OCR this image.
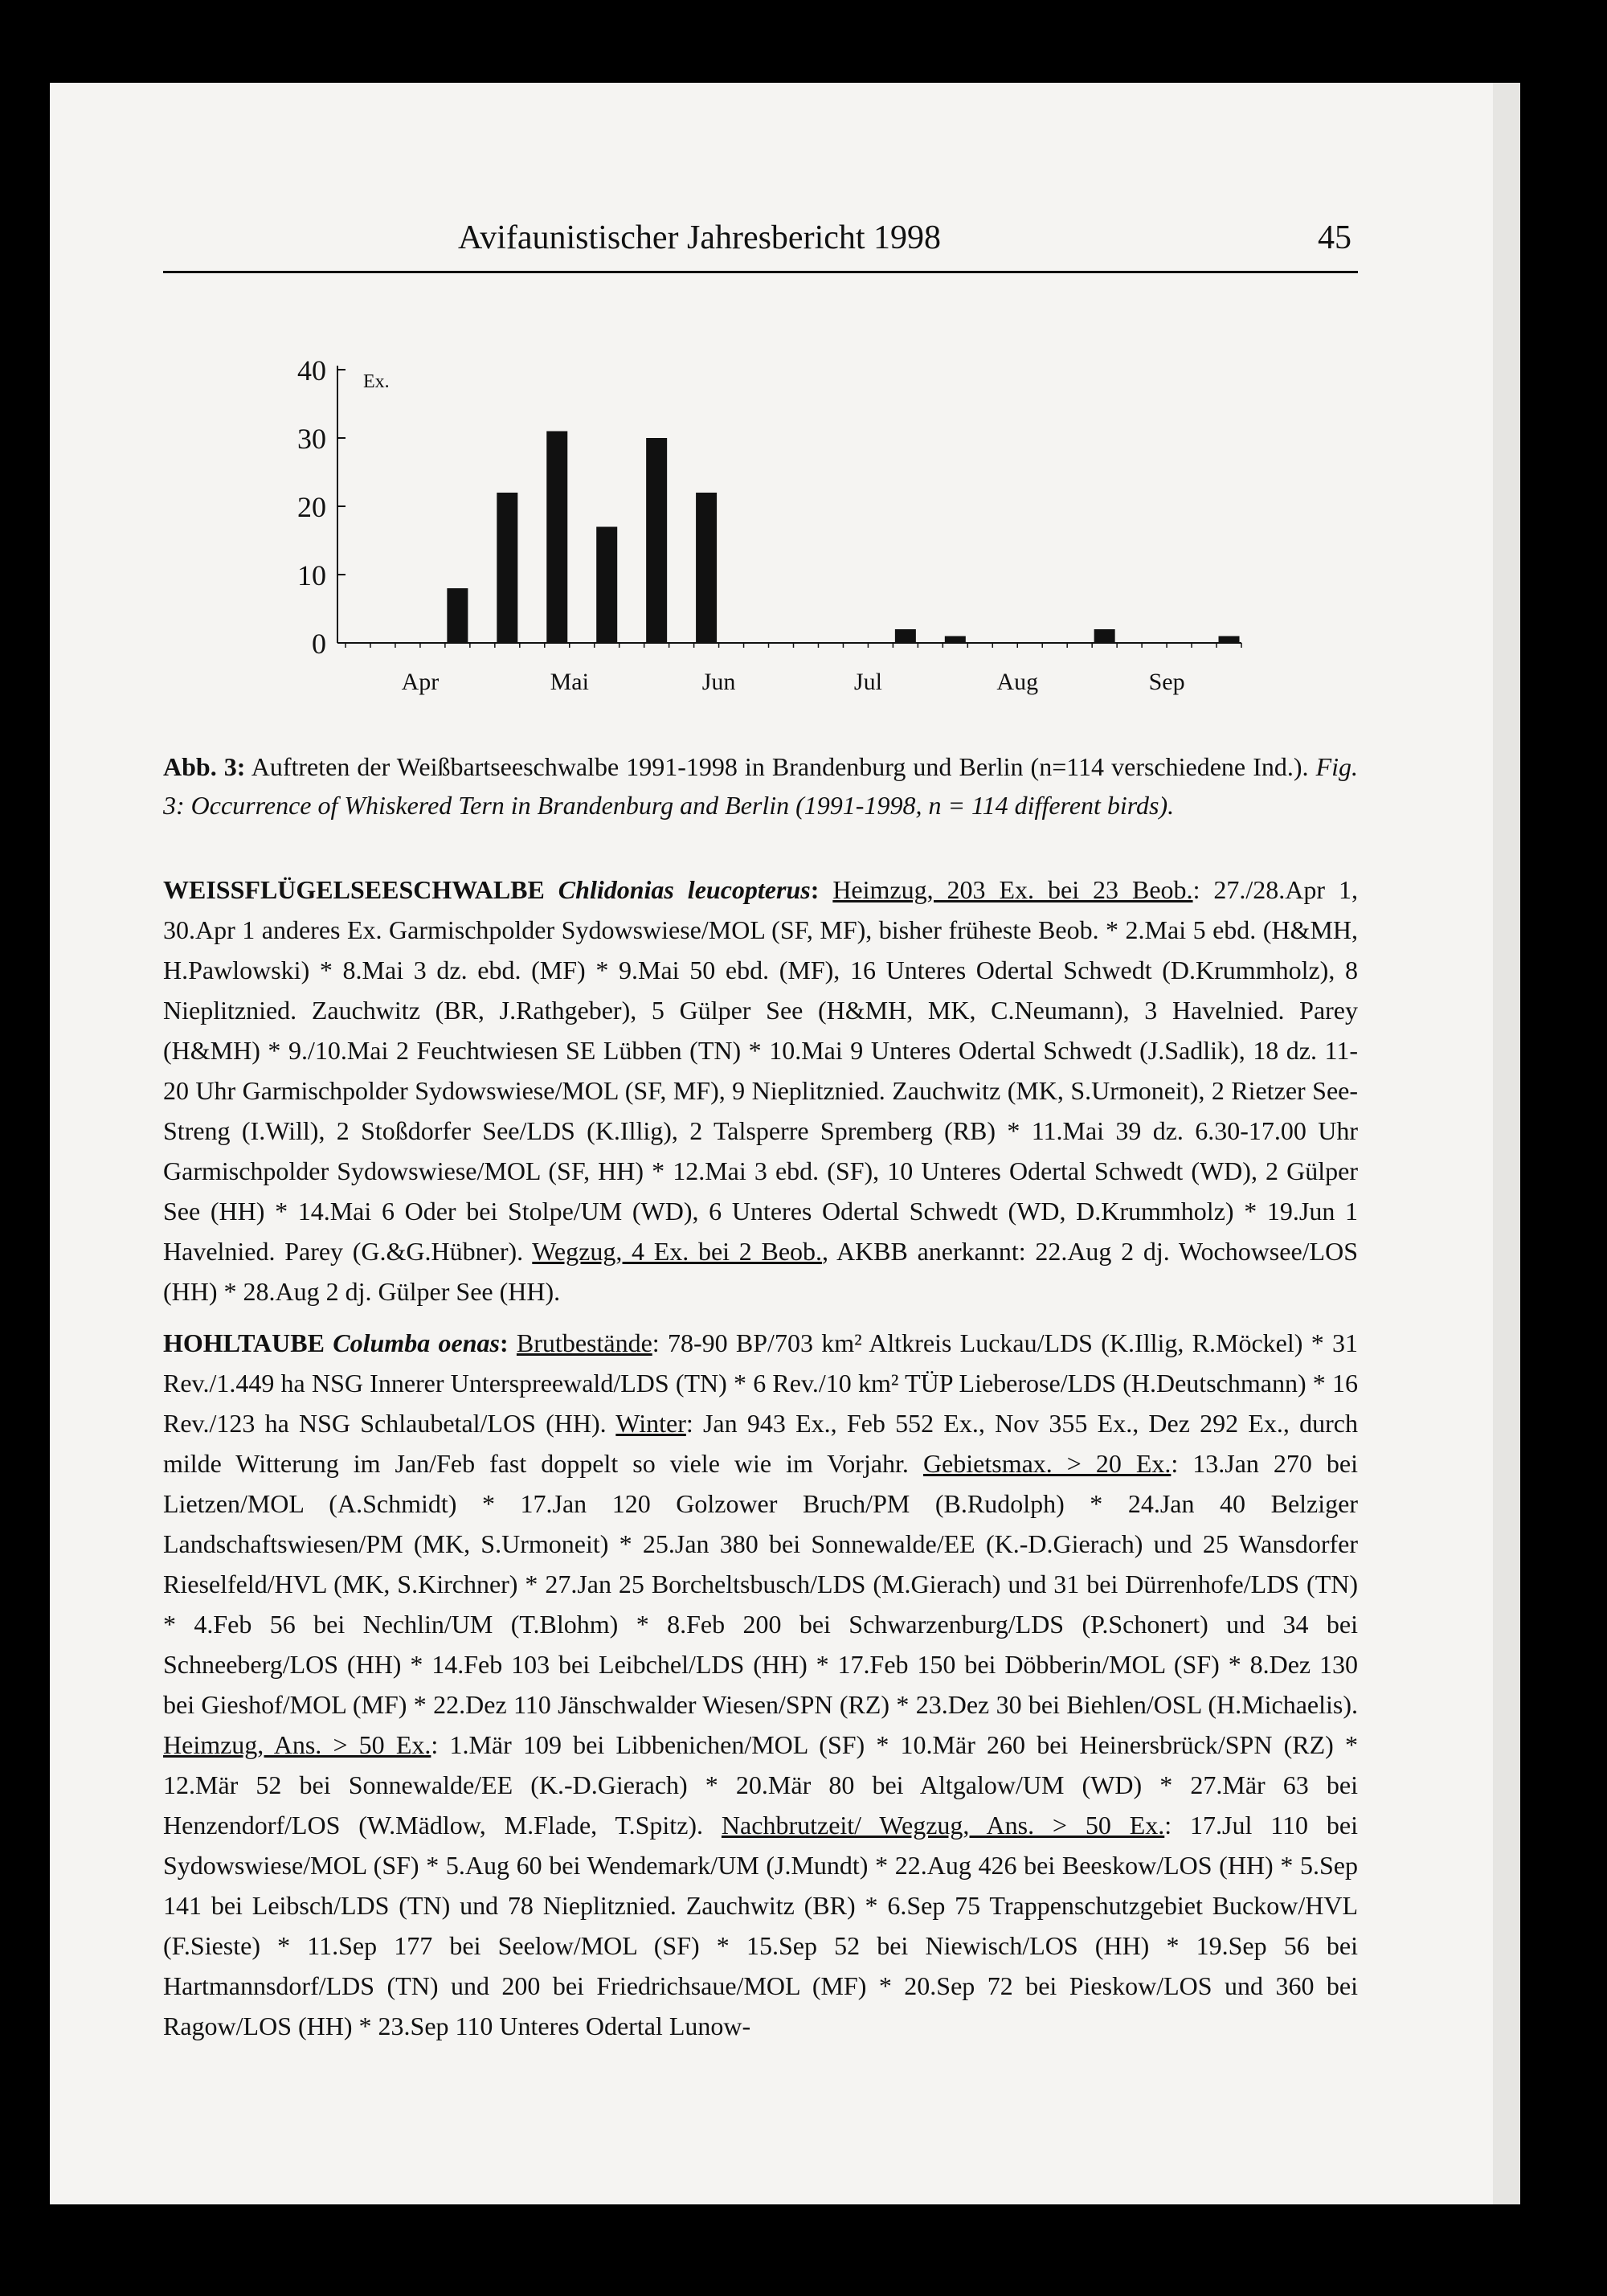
Avifaunistischer Jahresbericht 1998	45
0
10
20
30
40 Ex.
Apr	Mai	Jun	Jul	Aug	Sep
Abb. 3: Auftreten der Weißbartseeschwalbe 1991-1998 in Brandenburg und Berlin (n=114 verschiedene Ind.). Fig. 3: Occurrence of Whiskered Tern in Brandenburg and Berlin (1991-1998, n = 114 different birds).

WEISSFLÜGELSEESCHWALBE Chlidonias leucopterus: Heimzug, 203 Ex. bei 23 Beob.: 27./28.Apr 1, 30.Apr 1 anderes Ex. Garmischpolder Sydowswiese/MOL (SF, MF), bisher früheste Beob. * 2.Mai 5 ebd. (H&MH, H.Pawlowski) * 8.Mai 3 dz. ebd. (MF) * 9.Mai 50 ebd. (MF), 16 Unteres Odertal Schwedt (D.Krummholz), 8 Nieplitznied. Zauchwitz (BR, J.Rathgeber), 5 Gülper See (H&MH, MK, C.Neumann), 3 Havelnied. Parey (H&MH) * 9./10.Mai 2 Feuchtwiesen SE Lübben (TN) * 10.Mai 9 Unteres Odertal Schwedt (J.Sadlik), 18 dz. 11-20 Uhr Garmischpolder Sydowswiese/MOL (SF, MF), 9 Nieplitznied. Zauchwitz (MK, S.Urmoneit), 2 Rietzer See-Streng (I.Will), 2 Stoßdorfer See/LDS (K.Illig), 2 Talsperre Spremberg (RB) * 11.Mai 39 dz. 6.30-17.00 Uhr Garmischpolder Sydowswiese/MOL (SF, HH) * 12.Mai 3 ebd. (SF), 10 Unteres Odertal Schwedt (WD), 2 Gülper See (HH) * 14.Mai 6 Oder bei Stolpe/UM (WD), 6 Unteres Odertal Schwedt (WD, D.Krummholz) * 19.Jun 1 Havelnied. Parey (G.&G.Hübner). Wegzug, 4 Ex. bei 2 Beob., AKBB anerkannt: 22.Aug 2 dj. Wochowsee/LOS (HH) * 28.Aug 2 dj. Gülper See (HH).

HOHLTAUBE Columba oenas: Brutbestände: 78-90 BP/703 km² Altkreis Luckau/LDS (K.Illig, R.Möckel) * 31 Rev./1.449 ha NSG Innerer Unterspreewald/LDS (TN) * 6 Rev./10 km² TÜP Lieberose/LDS (H.Deutschmann) * 16 Rev./123 ha NSG Schlaubetal/LOS (HH). Winter: Jan 943 Ex., Feb 552 Ex., Nov 355 Ex., Dez 292 Ex., durch milde Witterung im Jan/Feb fast doppelt so viele wie im Vorjahr. Gebietsmax. > 20 Ex.: 13.Jan 270 bei Lietzen/MOL (A.Schmidt) * 17.Jan 120 Golzower Bruch/PM (B.Rudolph) * 24.Jan 40 Belziger Landschaftswiesen/PM (MK, S.Urmoneit) * 25.Jan 380 bei Sonnewalde/EE (K.-D.Gierach) und 25 Wansdorfer Rieselfeld/HVL (MK, S.Kirchner) * 27.Jan 25 Borcheltsbusch/LDS (M.Gierach) und 31 bei Dürrenhofe/LDS (TN) * 4.Feb 56 bei Nechlin/UM (T.Blohm) * 8.Feb 200 bei Schwarzenburg/LDS (P.Schonert) und 34 bei Schneeberg/LOS (HH) * 14.Feb 103 bei Leibchel/LDS (HH) * 17.Feb 150 bei Döbberin/MOL (SF) * 8.Dez 130 bei Gieshof/MOL (MF) * 22.Dez 110 Jänschwalder Wiesen/SPN (RZ) * 23.Dez 30 bei Biehlen/OSL (H.Michaelis). Heimzug, Ans. > 50 Ex.: 1.Mär 109 bei Libbenichen/MOL (SF) * 10.Mär 260 bei Heinersbrück/SPN (RZ) * 12.Mär 52 bei Sonnewalde/EE (K.-D.Gierach) * 20.Mär 80 bei Altgalow/UM (WD) * 27.Mär 63 bei Henzendorf/LOS (W.Mädlow, M.Flade, T.Spitz). Nachbrutzeit/ Wegzug, Ans. > 50 Ex.: 17.Jul 110 bei Sydowswiese/MOL (SF) * 5.Aug 60 bei Wendemark/UM (J.Mundt) * 22.Aug 426 bei Beeskow/LOS (HH) * 5.Sep 141 bei Leibsch/LDS (TN) und 78 Nieplitznied. Zauchwitz (BR) * 6.Sep 75 Trappenschutzgebiet Buckow/HVL (F.Sieste) * 11.Sep 177 bei Seelow/MOL (SF) * 15.Sep 52 bei Niewisch/LOS (HH) * 19.Sep 56 bei Hartmannsdorf/LDS (TN) und 200 bei Friedrichsaue/MOL (MF) * 20.Sep 72 bei Pieskow/LOS und 360 bei Ragow/LOS (HH) * 23.Sep 110 Unteres Odertal Lunow-
